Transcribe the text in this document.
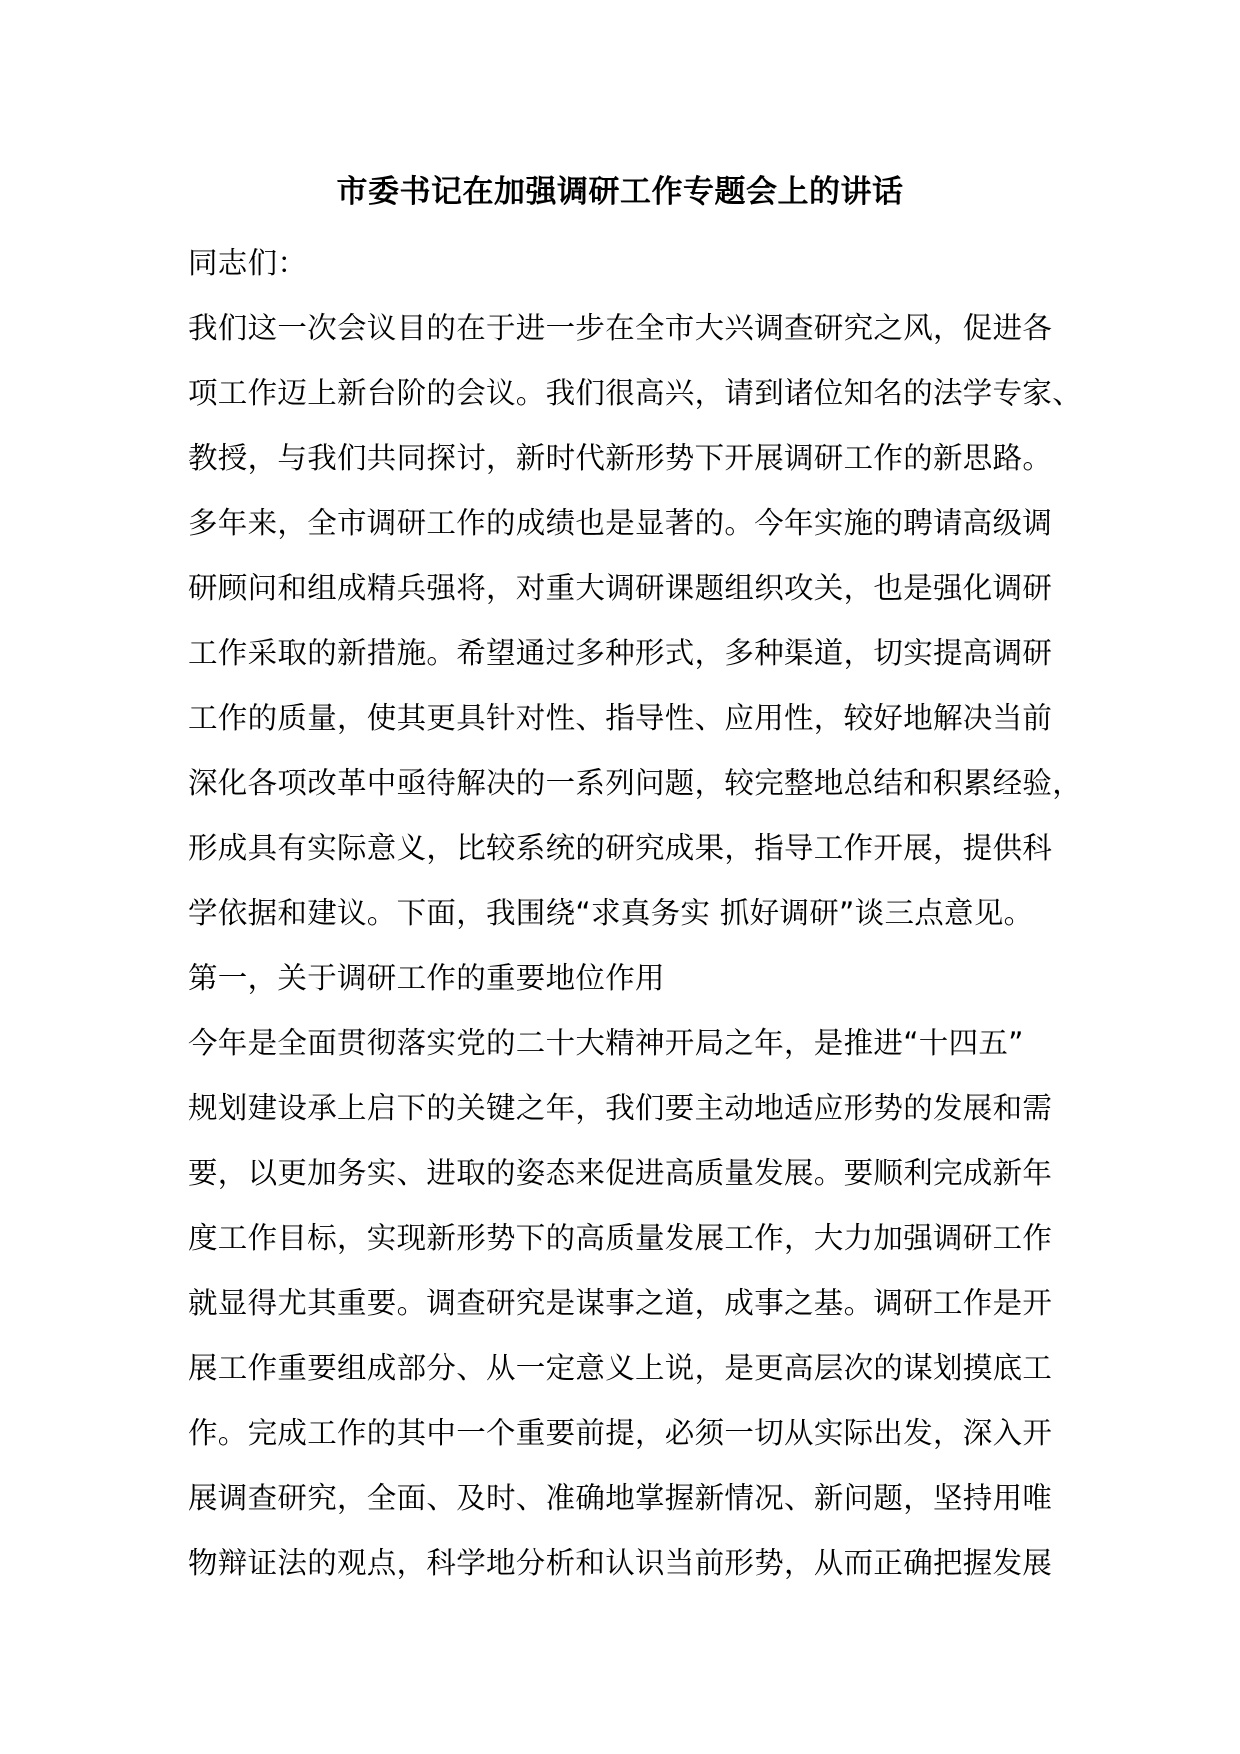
市委书记在加强调研工作专题会上的讲话
同志们：
我们这一次会议目的在于进一步在全市大兴调查研究之风，促进各
项工作迈上新台阶的会议。我们很高兴，请到诸位知名的法学专家、
教授，与我们共同探讨，新时代新形势下开展调研工作的新思路。
多年来，全市调研工作的成绩也是显著的。今年实施的聘请高级调
研顾问和组成精兵强将，对重大调研课题组织攻关，也是强化调研
工作采取的新措施。希望通过多种形式，多种渠道，切实提高调研
工作的质量，使其更具针对性、指导性、应用性，较好地解决当前
深化各项改革中亟待解决的一系列问题，较完整地总结和积累经验，
形成具有实际意义，比较系统的研究成果，指导工作开展，提供科
学依据和建议。下面，我围绕“求真务实 抓好调研”谈三点意见。
第一，关于调研工作的重要地位作用
今年是全面贯彻落实党的二十大精神开局之年，是推进“十四五”
规划建设承上启下的关键之年，我们要主动地适应形势的发展和需
要，以更加务实、进取的姿态来促进高质量发展。要顺利完成新年
度工作目标，实现新形势下的高质量发展工作，大力加强调研工作
就显得尤其重要。调查研究是谋事之道，成事之基。调研工作是开
展工作重要组成部分、从一定意义上说，是更高层次的谋划摸底工
作。完成工作的其中一个重要前提，必须一切从实际出发，深入开
展调查研究，全面、及时、准确地掌握新情况、新问题，坚持用唯
物辩证法的观点，科学地分析和认识当前形势，从而正确把握发展
